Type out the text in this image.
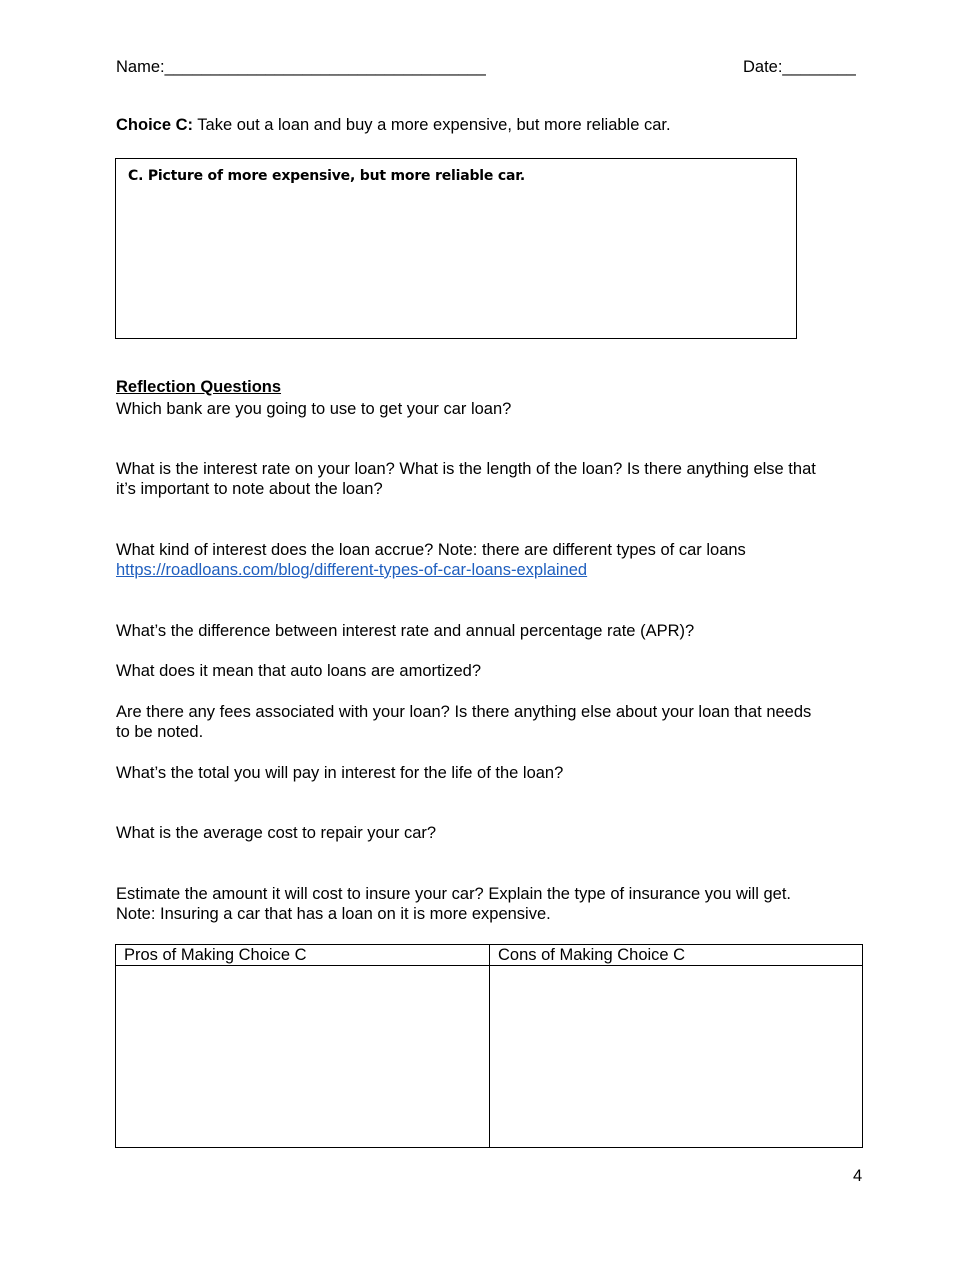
Name:___________________________________	Date:________
Choice C: Take out a loan and buy a more expensive, but more reliable car.
C. Picture of more expensive, but more reliable car.
Reflection Questions
Which bank are you going to use to get your car loan?
What is the interest rate on your loan? What is the length of the loan? Is there anything else that
it’s important to note about the loan?
What kind of interest does the loan accrue? Note: there are different types of car loans
https://roadloans.com/blog/different-types-of-car-loans-explained
What’s the difference between interest rate and annual percentage rate (APR)?
What does it mean that auto loans are amortized?
Are there any fees associated with your loan? Is there anything else about your loan that needs
to be noted.
What’s the total you will pay in interest for the life of the loan?
What is the average cost to repair your car?
Estimate the amount it will cost to insure your car? Explain the type of insurance you will get.
Note: Insuring a car that has a loan on it is more expensive.
Pros of Making Choice C	Cons of Making Choice C
4
